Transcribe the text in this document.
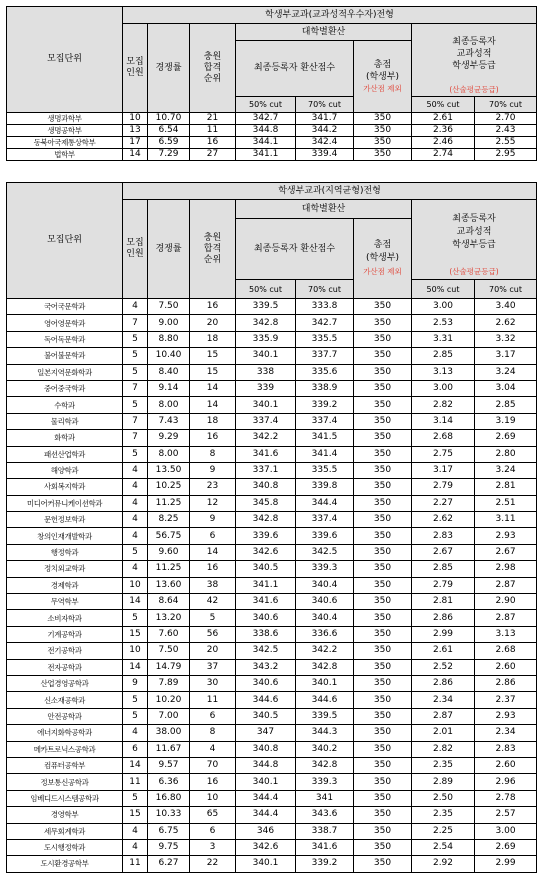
모집단위	학생부교과(교과성적우수자)전형							
	모집
인원	경쟁률	충원
합격
순위	대학별환산			최종등록자
교과성적
학생부등급

(산술평균등급)	

				최종등록자 환산점수		총점
(학생부)
가산점 제외		
				50% cut	70% cut		50% cut	70% cut
생명과학부	10	10.70	21	342.7	341.7	350	2.61	2.70
생명공학부	13	6.54	11	344.8	344.2	350	2.36	2.43
동북아국제통상학부	17	6.59	16	344.1	342.4	350	2.46	2.55
법학부	14	7.29	27	341.1	339.4	350	2.74	2.95
모집단위	학생부교과(지역균형)전형							
	모집
인원	경쟁률	충원
합격
순위	대학별환산			최종등록자
교과성적
학생부등급

(산술평균등급)	

				최종등록자 환산점수		총점
(학생부)
가산점 제외		
				50% cut	70% cut		50% cut	70% cut
국어국문학과	4	7.50	16	339.5	333.8	350	3.00	3.40
영어영문학과	7	9.00	20	342.8	342.7	350	2.53	2.62
독어독문학과	5	8.80	18	335.9	335.5	350	3.31	3.32
불어불문학과	5	10.40	15	340.1	337.7	350	2.85	3.17
일본지역문화학과	5	8.40	15	338	335.6	350	3.13	3.24
중어중국학과	7	9.14	14	339	338.9	350	3.00	3.04
수학과	5	8.00	14	340.1	339.2	350	2.82	2.85
물리학과	7	7.43	18	337.4	337.4	350	3.14	3.19
화학과	7	9.29	16	342.2	341.5	350	2.68	2.69
패션산업학과	5	8.00	8	341.6	341.4	350	2.75	2.80
해양학과	4	13.50	9	337.1	335.5	350	3.17	3.24
사회복지학과	4	10.25	23	340.8	339.8	350	2.79	2.81
미디어커뮤니케이션학과	4	11.25	12	345.8	344.4	350	2.27	2.51
문헌정보학과	4	8.25	9	342.8	337.4	350	2.62	3.11
창의인재개발학과	4	56.75	6	339.6	339.6	350	2.83	2.93
행정학과	5	9.60	14	342.6	342.5	350	2.67	2.67
정치외교학과	4	11.25	16	340.5	339.3	350	2.85	2.98
경제학과	10	13.60	38	341.1	340.4	350	2.79	2.87
무역학부	14	8.64	42	341.6	340.6	350	2.81	2.90
소비자학과	5	13.20	5	340.6	340.4	350	2.86	2.87
기계공학과	15	7.60	56	338.6	336.6	350	2.99	3.13
전기공학과	10	7.50	20	342.5	342.2	350	2.61	2.68
전자공학과	14	14.79	37	343.2	342.8	350	2.52	2.60
산업경영공학과	9	7.89	30	340.6	340.1	350	2.86	2.86
신소재공학과	5	10.20	11	344.6	344.6	350	2.34	2.37
안전공학과	5	7.00	6	340.5	339.5	350	2.87	2.93
에너지화학공학과	4	38.00	8	347	344.3	350	2.01	2.34
메카트로닉스공학과	6	11.67	4	340.8	340.2	350	2.82	2.83
컴퓨터공학부	14	9.57	70	344.8	342.8	350	2.35	2.60
정보통신공학과	11	6.36	16	340.1	339.3	350	2.89	2.96
임베디드시스템공학과	5	16.80	10	344.4	341	350	2.50	2.78
경영학부	15	10.33	65	344.4	343.6	350	2.35	2.57
세무회계학과	4	6.75	6	346	338.7	350	2.25	3.00
도시행정학과	4	9.75	3	342.6	341.6	350	2.54	2.69
도시환경공학부	11	6.27	22	340.1	339.2	350	2.92	2.99
